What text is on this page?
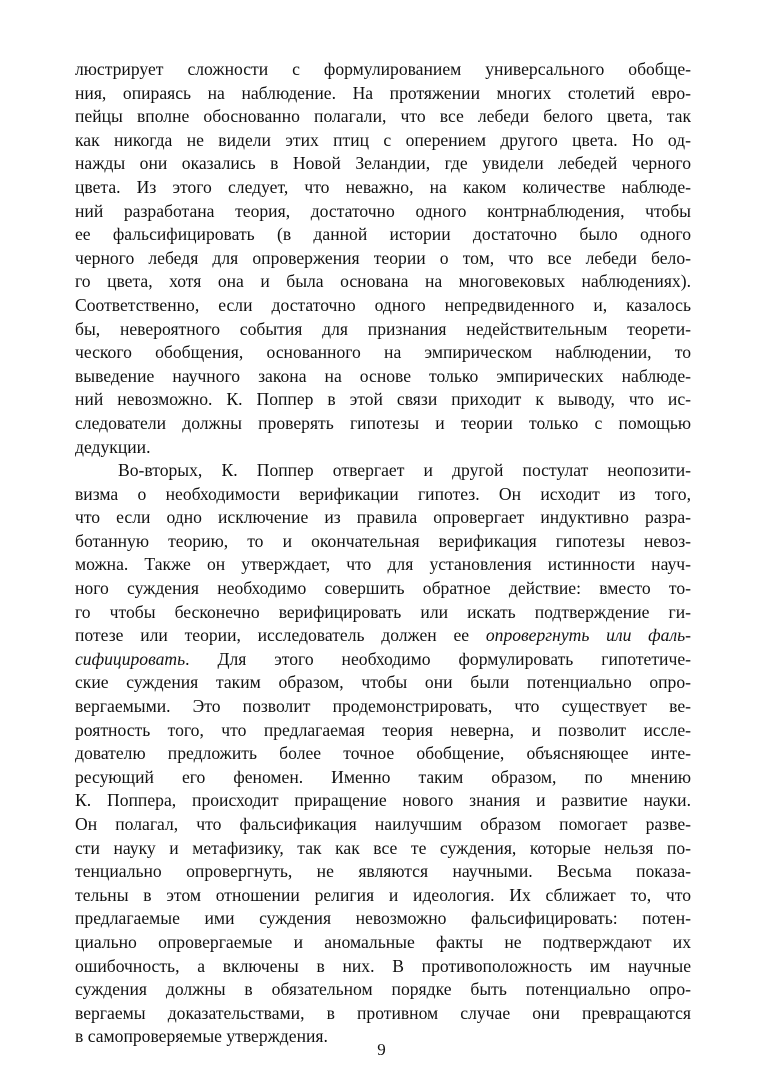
люстрирует сложности с формулированием универсального обобще-
ния, опираясь на наблюдение. На протяжении многих столетий евро-
пейцы вполне обоснованно полагали, что все лебеди белого цвета, так
как никогда не видели этих птиц с оперением другого цвета. Но од-
нажды они оказались в Новой Зеландии, где увидели лебедей черного
цвета. Из этого следует, что неважно, на каком количестве наблюде-
ний разработана теория, достаточно одного контрнаблюдения, чтобы
ее фальсифицировать (в данной истории достаточно было одного
черного лебедя для опровержения теории о том, что все лебеди бело-
го цвета, хотя она и была основана на многовековых наблюдениях).
Соответственно, если достаточно одного непредвиденного и, казалось
бы, невероятного события для признания недействительным теорети-
ческого обобщения, основанного на эмпирическом наблюдении, то
выведение научного закона на основе только эмпирических наблюде-
ний невозможно. К. Поппер в этой связи приходит к выводу, что ис-
следователи должны проверять гипотезы и теории только с помощью
дедукции.
Во-вторых, К. Поппер отвергает и другой постулат неопозити-
визма о необходимости верификации гипотез. Он исходит из того,
что если одно исключение из правила опровергает индуктивно разра-
ботанную теорию, то и окончательная верификация гипотезы невоз-
можна. Также он утверждает, что для установления истинности науч-
ного суждения необходимо совершить обратное действие: вместо то-
го чтобы бесконечно верифицировать или искать подтверждение ги-
потезе или теории, исследователь должен ее опровергнуть или фаль-
сифицировать. Для этого необходимо формулировать гипотетиче-
ские суждения таким образом, чтобы они были потенциально опро-
вергаемыми. Это позволит продемонстрировать, что существует ве-
роятность того, что предлагаемая теория неверна, и позволит иссле-
дователю предложить более точное обобщение, объясняющее инте-
ресующий его феномен. Именно таким образом, по мнению
К. Поппера, происходит приращение нового знания и развитие науки.
Он полагал, что фальсификация наилучшим образом помогает разве-
сти науку и метафизику, так как все те суждения, которые нельзя по-
тенциально опровергнуть, не являются научными. Весьма показа-
тельны в этом отношении религия и идеология. Их сближает то, что
предлагаемые ими суждения невозможно фальсифицировать: потен-
циально опровергаемые и аномальные факты не подтверждают их
ошибочность, а включены в них. В противоположность им научные
суждения должны в обязательном порядке быть потенциально опро-
вергаемы доказательствами, в противном случае они превращаются
в самопроверяемые утверждения.
9
